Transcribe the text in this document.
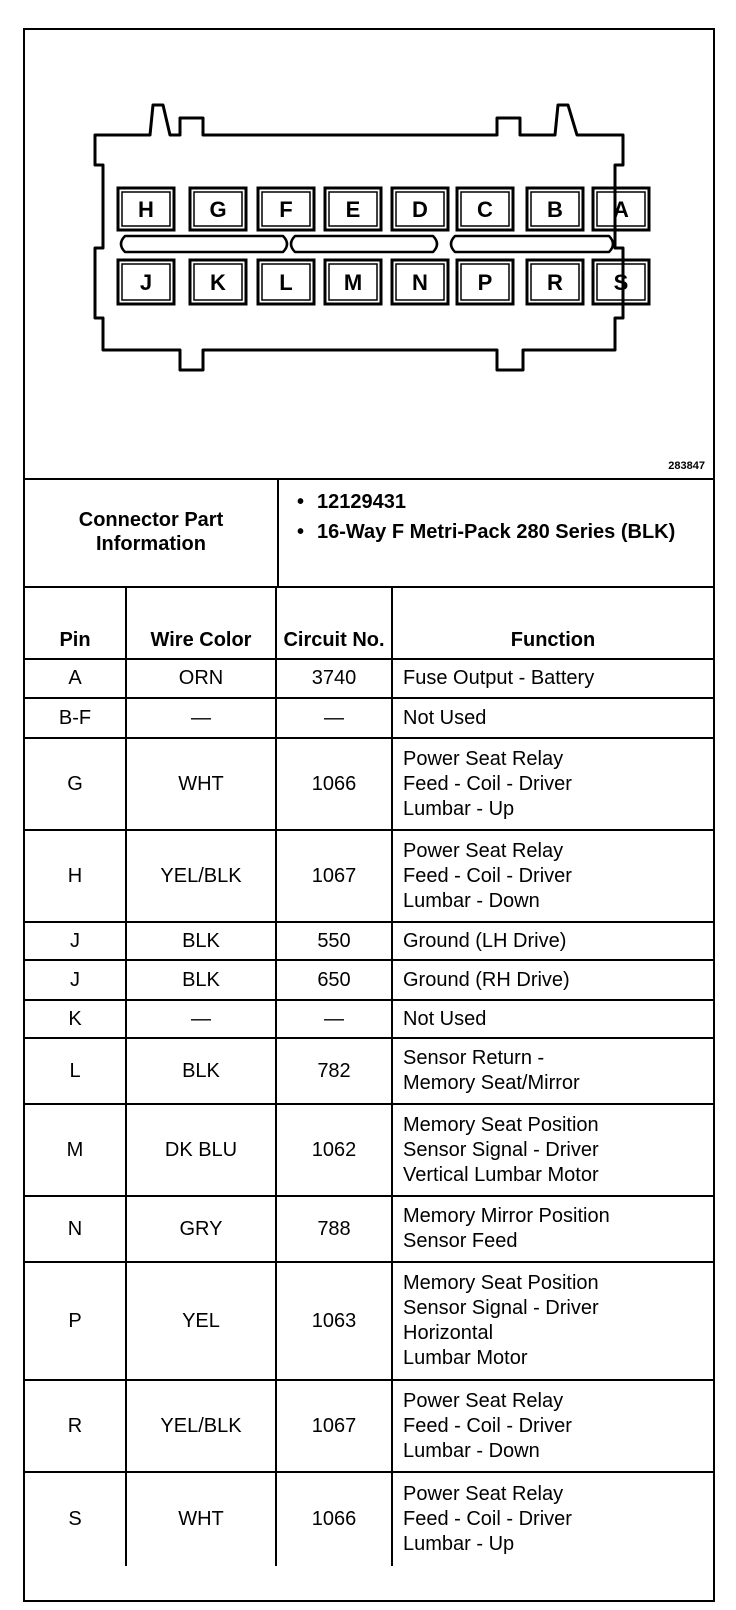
H	G F E D C B A
J	K L M N P R S
283847
Connector Part Information
• 12129431
• 16-Way F Metri-Pack 280 Series (BLK)
Pin	Wire Color	Circuit No.	Function
A	ORN	3740	Fuse Output - Battery
B-F	—	—	Not Used
G	WHT	1066	Power Seat Relay
Feed - Coil - Driver
Lumbar - Up
H	YEL/BLK	1067	Power Seat Relay
Feed - Coil - Driver
Lumbar - Down
J	BLK	550	Ground (LH Drive)
J	BLK	650	Ground (RH Drive)
K	—	—	Not Used
L	BLK	782	Sensor Return -
Memory Seat/Mirror
M	DK BLU	1062	Memory Seat Position
Sensor Signal - Driver
Vertical Lumbar Motor
N	GRY	788	Memory Mirror Position
Sensor Feed
P	YEL	1063	Memory Seat Position
Sensor Signal - Driver
Horizontal
Lumbar Motor
R	YEL/BLK	1067	Power Seat Relay
Feed - Coil - Driver
Lumbar - Down
S	WHT	1066	Power Seat Relay
Feed - Coil - Driver
Lumbar - Up
